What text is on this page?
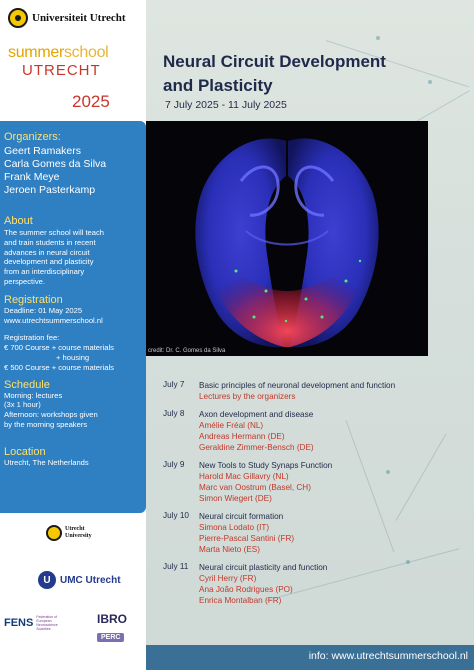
Universiteit Utrecht
summerschool
UTRECHT
2025
Neural Circuit Development
and Plasticity
7 July 2025 - 11 July 2025
credit: Dr. C. Gomes da Silva
Organizers:
Geert Ramakers
Carla Gomes da Silva
Frank Meye
Jeroen Pasterkamp
About
The summer school will teach
and train students in recent
advances in neural circuit
development and plasticity
from an interdisciplinary
perspective.
Registration
Deadline: 01 May 2025
www.utrechtsummerschool.nl
Registration fee:
€ 700 Course + course materials
+ housing
€ 500 Course + course materials
Schedule
Morning: lectures
(3x 1 hour)
Afternoon: workshops given
by the morning speakers
Location
Utrecht, The Netherlands
Utrecht
University
U UMC Utrecht
FENS Federation of European Neuroscience Societies
IBRO
PERC
July 7 Basic principles of neuronal development and function
Lectures by the organizers
July 8 Axon development and disease
Amélie Fréal (NL)
Andreas Hermann (DE)
Geraldine Zimmer-Bensch (DE)
July 9 New Tools to Study Synaps Function
Harold Mac Gillavry (NL)
Marc van Oostrum (Basel, CH)
Simon Wiegert (DE)
July 10 Neural circuit formation
Simona Lodato (IT)
Pierre-Pascal Santini (FR)
Marta Nieto (ES)
July 11 Neural circuit plasticity and function
Cyril Herry (FR)
Ana João Rodrigues (PO)
Enrica Montalban (FR)
info: www.utrechtsummerschool.nl
